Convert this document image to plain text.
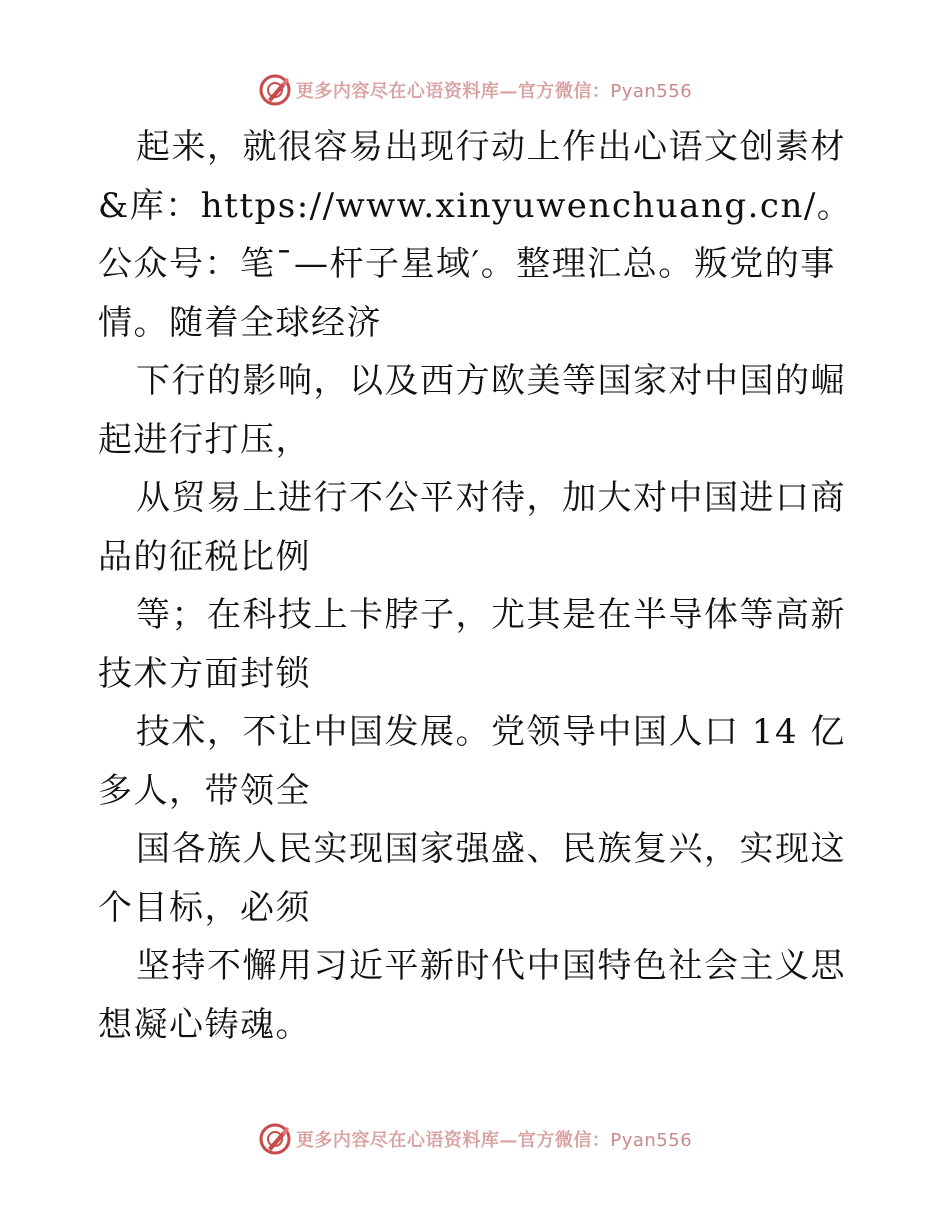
更多内容尽在心语资料库—官方微信：Pyan556

起来，就很容易出现行动上作出心语文创素材&库：https://www.xinyuwenchuang.cn/。公众号：笔¯—杆子星域′。整理汇总。叛党的事情。随着全球经济

下行的影响，以及西方欧美等国家对中国的崛起进行打压，

从贸易上进行不公平对待，加大对中国进口商品的征税比例

等；在科技上卡脖子，尤其是在半导体等高新技术方面封锁

技术，不让中国发展。党领导中国人口 14 亿多人，带领全

国各族人民实现国家强盛、民族复兴，实现这个目标，必须

坚持不懈用习近平新时代中国特色社会主义思想凝心铸魂。

更多内容尽在心语资料库—官方微信：Pyan556
